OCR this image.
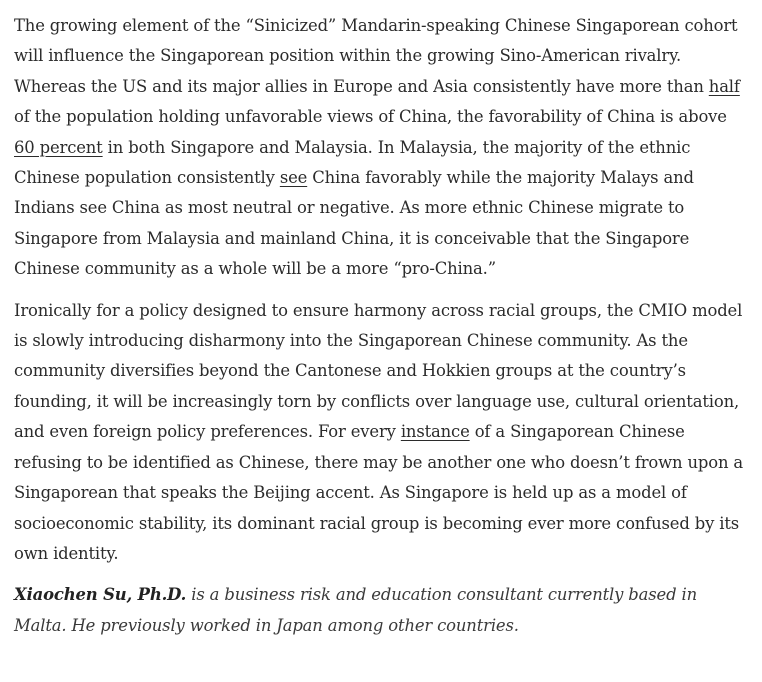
The growing element of the “Sinicized” Mandarin-speaking Chinese Singaporean cohort will influence the Singaporean position within the growing Sino-American rivalry. Whereas the US and its major allies in Europe and Asia consistently have more than half of the population holding unfavorable views of China, the favorability of China is above 60 percent in both Singapore and Malaysia. In Malaysia, the majority of the ethnic Chinese population consistently see China favorably while the majority Malays and Indians see China as most neutral or negative. As more ethnic Chinese migrate to Singapore from Malaysia and mainland China, it is conceivable that the Singapore Chinese community as a whole will be a more “pro-China.”

Ironically for a policy designed to ensure harmony across racial groups, the CMIO model is slowly introducing disharmony into the Singaporean Chinese community. As the community diversifies beyond the Cantonese and Hokkien groups at the country’s founding, it will be increasingly torn by conflicts over language use, cultural orientation, and even foreign policy preferences. For every instance of a Singaporean Chinese refusing to be identified as Chinese, there may be another one who doesn’t frown upon a Singaporean that speaks the Beijing accent. As Singapore is held up as a model of socioeconomic stability, its dominant racial group is becoming ever more confused by its own identity.

Xiaochen Su, Ph.D. is a business risk and education consultant currently based in Malta. He previously worked in Japan among other countries.
